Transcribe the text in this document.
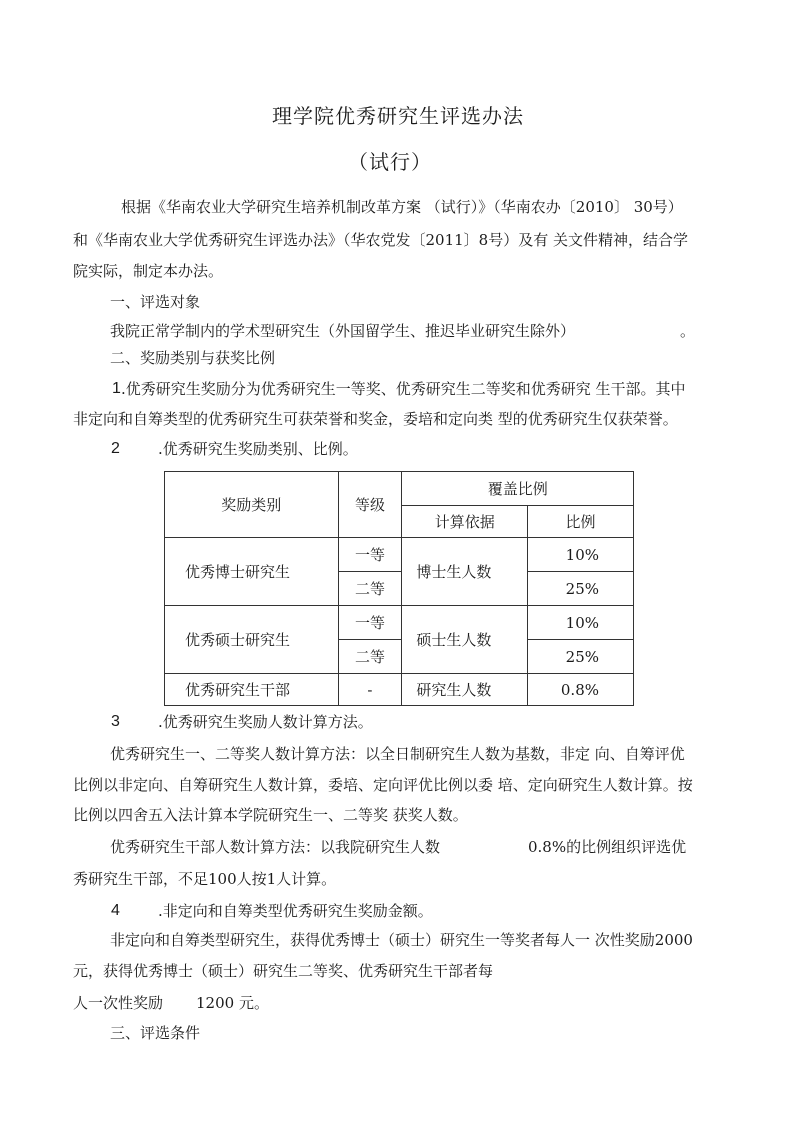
理学院优秀研究生评选办法
（试行）
根据《华南农业大学研究生培养机制改革方案 （试行）》（华南农办〔2010〕 30号）
和《华南农业大学优秀研究生评选办法》（华农党发〔2011〕8号）及有 关文件精神，结合学
院实际，制定本办法。
一、评选对象
我院正常学制内的学术型研究生（外国留学生、推迟毕业研究生除外）	。
二、奖励类别与获奖比例
1 .优秀研究生奖励分为优秀研究生一等奖、优秀研究生二等奖和优秀研究 生干部。其中
非定向和自筹类型的优秀研究生可获荣誉和奖金，委培和定向类 型的优秀研究生仅获荣誉。
2	.优秀研究生奖励类别、比例。
奖励类别	等级	覆盖比例	
		计算依据	比例
优秀博士研究生	一等	博士生人数	10%
	二等		25%
优秀硕士研究生	一等	硕士生人数	10%
	二等		25%
优秀研究生干部	-	研究生人数	0.8%
3	.优秀研究生奖励人数计算方法。
优秀研究生一、二等奖人数计算方法：以全日制研究生人数为基数，非定 向、自筹评优
比例以非定向、自筹研究生人数计算，委培、定向评优比例以委 培、定向研究生人数计算。按
比例以四舍五入法计算本学院研究生一、二等奖 获奖人数。
优秀研究生干部人数计算方法：以我院研究生人数	0.8%的比例组织评选优
秀研究生干部，不足100人按1人计算。
4	.非定向和自筹类型优秀研究生奖励金额。
非定向和自筹类型研究生，获得优秀博士（硕士）研究生一等奖者每人一 次性奖励2000
元，获得优秀博士（硕士）研究生二等奖、优秀研究生干部者每
人一次性奖励 1200 元。
三、评选条件
